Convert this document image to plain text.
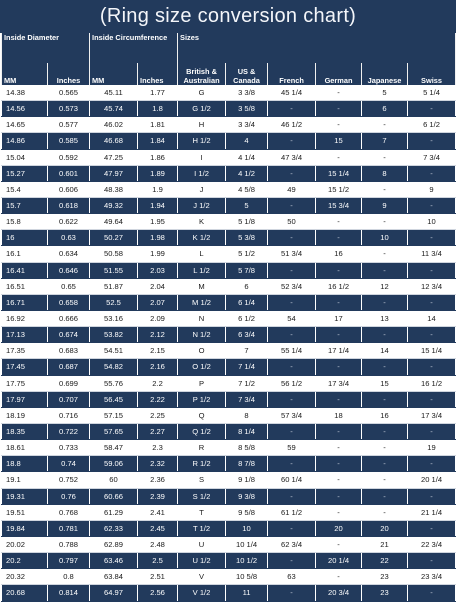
(Ring size conversion chart)
Inside Diameter		Inside Circumference		Sizes					
MM	Inches	MM	Inches	British & Australian	US & Canada	French	German	Japanese	Swiss
14.38	0.565	45.11	1.77	G	3 3/8	45 1/4	-	5	5 1/4
14.56	0.573	45.74	1.8	G 1/2	3 5/8	-	-	6	-
14.65	0.577	46.02	1.81	H	3 3/4	46 1/2	-	-	6 1/2
14.86	0.585	46.68	1.84	H 1/2	4	-	15	7	-
15.04	0.592	47.25	1.86	I	4 1/4	47 3/4	-	-	7 3/4
15.27	0.601	47.97	1.89	I 1/2	4 1/2	-	15 1/4	8	-
15.4	0.606	48.38	1.9	J	4 5/8	49	15 1/2	-	9
15.7	0.618	49.32	1.94	J 1/2	5	-	15 3/4	9	-
15.8	0.622	49.64	1.95	K	5 1/8	50	-	-	10
16	0.63	50.27	1.98	K 1/2	5 3/8	-	-	10	-
16.1	0.634	50.58	1.99	L	5 1/2	51 3/4	16	-	11 3/4
16.41	0.646	51.55	2.03	L 1/2	5 7/8	-	-	-	-
16.51	0.65	51.87	2.04	M	6	52 3/4	16 1/2	12	12 3/4
16.71	0.658	52.5	2.07	M 1/2	6 1/4	-	-	-	-
16.92	0.666	53.16	2.09	N	6 1/2	54	17	13	14
17.13	0.674	53.82	2.12	N 1/2	6 3/4	-	-	-	-
17.35	0.683	54.51	2.15	O	7	55 1/4	17 1/4	14	15 1/4
17.45	0.687	54.82	2.16	O 1/2	7 1/4	-	-	-	-
17.75	0.699	55.76	2.2	P	7 1/2	56 1/2	17 3/4	15	16 1/2
17.97	0.707	56.45	2.22	P 1/2	7 3/4	-	-	-	-
18.19	0.716	57.15	2.25	Q	8	57 3/4	18	16	17 3/4
18.35	0.722	57.65	2.27	Q 1/2	8 1/4	-	-	-	-
18.61	0.733	58.47	2.3	R	8 5/8	59	-	-	19
18.8	0.74	59.06	2.32	R 1/2	8 7/8	-	-	-	-
19.1	0.752	60	2.36	S	9 1/8	60 1/4	-	-	20 1/4
19.31	0.76	60.66	2.39	S 1/2	9 3/8	-	-	-	-
19.51	0.768	61.29	2.41	T	9 5/8	61 1/2	-	-	21 1/4
19.84	0.781	62.33	2.45	T 1/2	10	-	20	20	-
20.02	0.788	62.89	2.48	U	10 1/4	62 3/4	-	21	22 3/4
20.2	0.797	63.46	2.5	U 1/2	10 1/2	-	20 1/4	22	-
20.32	0.8	63.84	2.51	V	10 5/8	63	-	23	23 3/4
20.68	0.814	64.97	2.56	V 1/2	11	-	20 3/4	23	-
